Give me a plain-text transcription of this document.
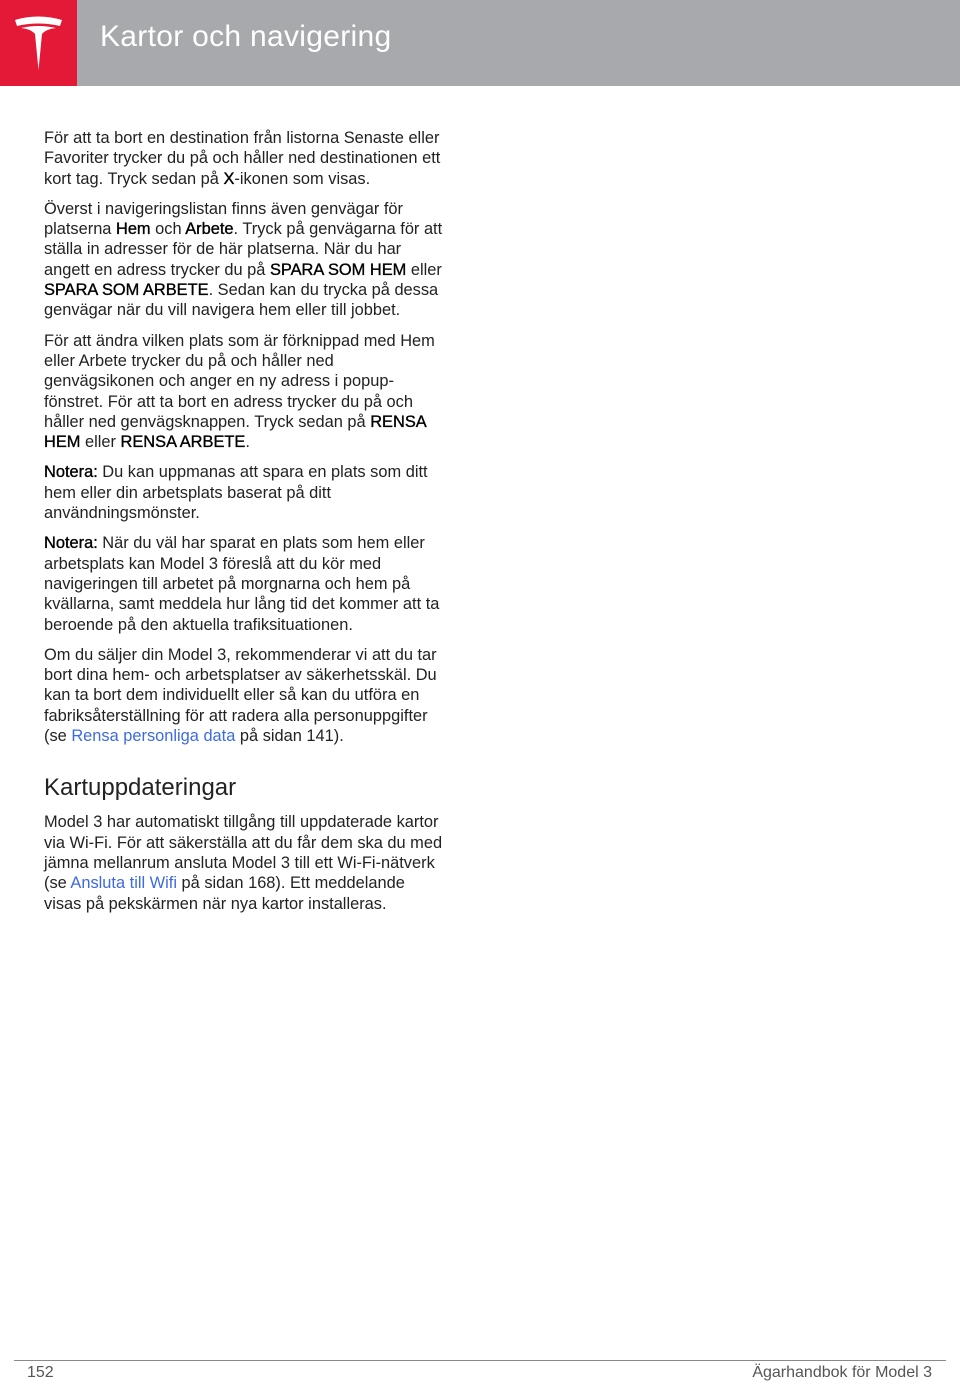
Kartor och navigering

För att ta bort en destination från listorna Senaste eller Favoriter trycker du på och håller ned destinationen ett kort tag. Tryck sedan på X-ikonen som visas.

Överst i navigeringslistan finns även genvägar för platserna Hem och Arbete. Tryck på genvägarna för att ställa in adresser för de här platserna. När du har angett en adress trycker du på SPARA SOM HEM eller SPARA SOM ARBETE. Sedan kan du trycka på dessa genvägar när du vill navigera hem eller till jobbet.

För att ändra vilken plats som är förknippad med Hem eller Arbete trycker du på och håller ned genvägsikonen och anger en ny adress i popup-fönstret. För att ta bort en adress trycker du på och håller ned genvägsknappen. Tryck sedan på RENSA HEM eller RENSA ARBETE.

Notera: Du kan uppmanas att spara en plats som ditt hem eller din arbetsplats baserat på ditt användningsmönster.

Notera: När du väl har sparat en plats som hem eller arbetsplats kan Model 3 föreslå att du kör med navigeringen till arbetet på morgnarna och hem på kvällarna, samt meddela hur lång tid det kommer att ta beroende på den aktuella trafiksituationen.

Om du säljer din Model 3, rekommenderar vi att du tar bort dina hem- och arbetsplatser av säkerhetsskäl. Du kan ta bort dem individuellt eller så kan du utföra en fabriksåterställning för att radera alla personuppgifter (se Rensa personliga data på sidan 141).

Kartuppdateringar

Model 3 har automatiskt tillgång till uppdaterade kartor via Wi-Fi. För att säkerställa att du får dem ska du med jämna mellanrum ansluta Model 3 till ett Wi-Fi-nätverk (se Ansluta till Wifi på sidan 168). Ett meddelande visas på pekskärmen när nya kartor installeras.

152	Ägarhandbok för Model 3
